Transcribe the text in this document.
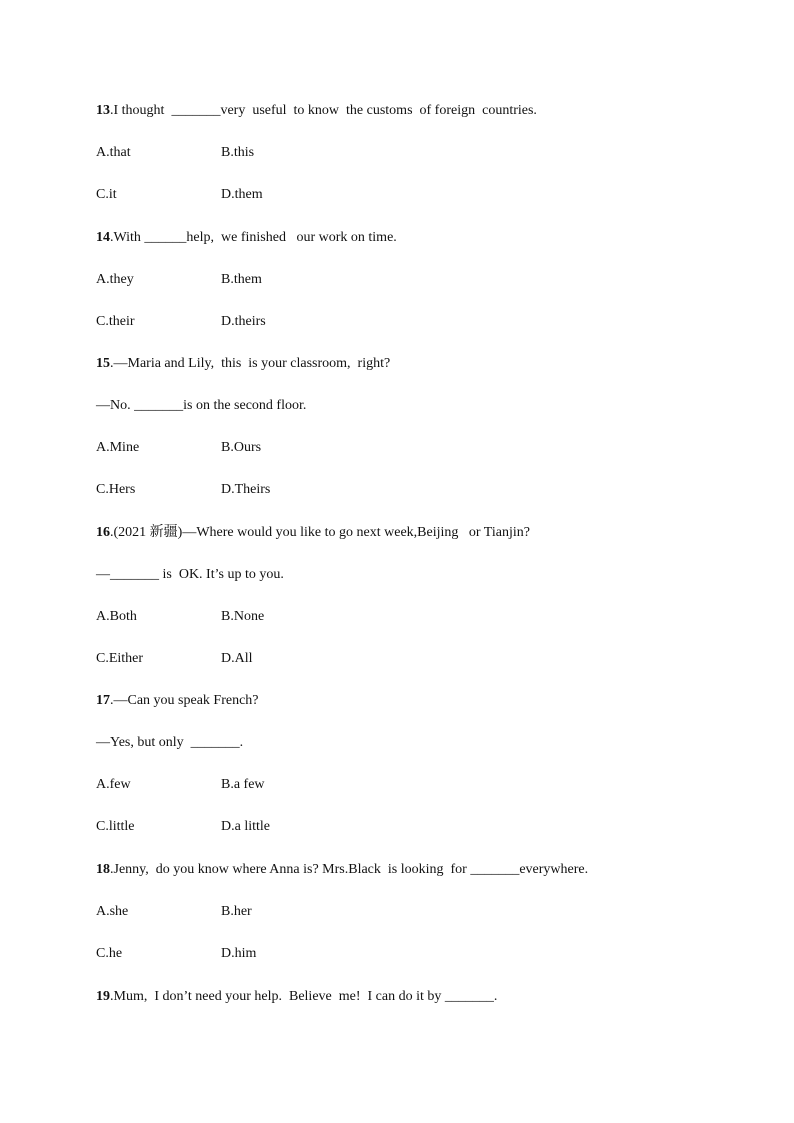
13.I thought  _______very  useful  to know  the customs  of foreign  countries.
A.that	B.this
C.it	D.them
14.With ______help,  we finished   our work on time.
A.they	B.them
C.their	D.theirs
15.—Maria and Lily,  this  is your classroom,  right?
—No. _______is on the second floor.
A.Mine	B.Ours
C.Hers	D.Theirs
16.(2021 新疆)—Where would you like to go next week,Beijing   or Tianjin?
—_______ is  OK. It’s up to you.
A.Both	B.None
C.Either	D.All
17.—Can you speak French?
—Yes, but only  _______.
A.few	B.a few
C.little	D.a little
18.Jenny,  do you know where Anna is? Mrs.Black  is looking  for _______everywhere.
A.she	B.her
C.he	D.him
19.Mum,  I don’t need your help.  Believe  me!  I can do it by _______.
